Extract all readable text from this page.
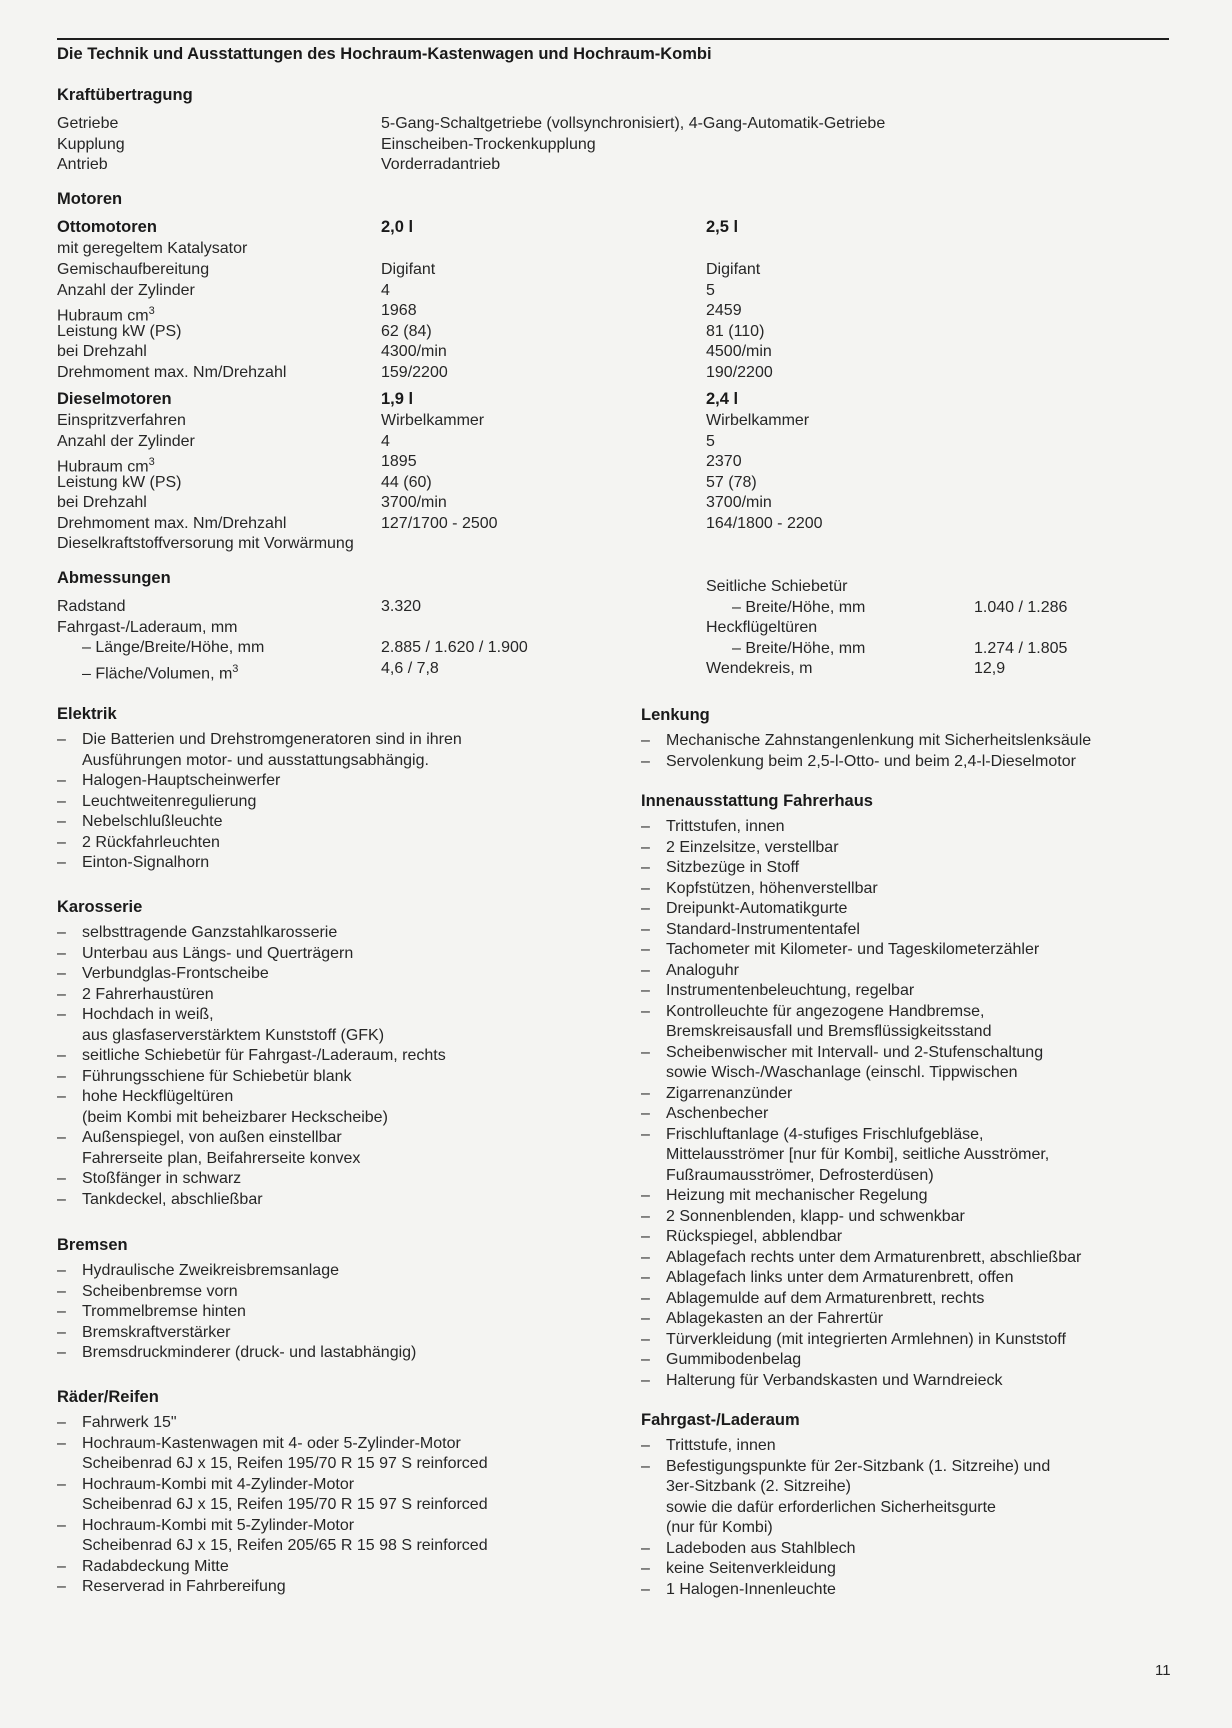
Die Technik und Ausstattungen des Hochraum-Kastenwagen und Hochraum-Kombi
Kraftübertragung
Getriebe	5-Gang-Schaltgetriebe (vollsynchronisiert), 4-Gang-Automatik-Getriebe
Kupplung	Einscheiben-Trockenkupplung
Antrieb	Vorderradantrieb
Motoren
Ottomotoren	2,0 l	2,5 l
mit geregeltem Katalysator
Gemischaufbereitung	Digifant	Digifant
Anzahl der Zylinder	4	5
Hubraum $cm^3$	1968	2459
Leistung kW (PS)	62 (84)	81 (110)
bei Drehzahl	4300/min	4500/min
Drehmoment max. Nm/Drehzahl	159/2200	190/2200
Dieselmotoren	1,9 l	2,4 l
Einspritzverfahren	Wirbelkammer	Wirbelkammer
Anzahl der Zylinder	4	5
Hubraum $cm^3$	1895	2370
Leistung kW (PS)	44 (60)	57 (78)
bei Drehzahl	3700/min	3700/min
Drehmoment max. Nm/Drehzahl	127/1700 - 2500	164/1800 - 2200
Dieselkraftstoffversorung mit Vorwärmung
Abmessungen
Radstand	3.320
Fahrgast-/Laderaum, mm
– Länge/Breite/Höhe, mm	2.885 / 1.620 / 1.900
– Fläche/Volumen, $m^3$	4,6 / 7,8
Seitliche Schiebetür
– Breite/Höhe, mm	1.040 / 1.286
Heckflügeltüren
– Breite/Höhe, mm	1.274 / 1.805
Wendekreis, m	12,9
Elektrik
– Die Batterien und Drehstromgeneratoren sind in ihren
Ausführungen motor- und ausstattungsabhängig.
– Halogen-Hauptscheinwerfer
– Leuchtweitenregulierung
– Nebelschlußleuchte
– 2 Rückfahrleuchten
– Einton-Signalhorn
Karosserie
– selbsttragende Ganzstahlkarosserie
– Unterbau aus Längs- und Querträgern
– Verbundglas-Frontscheibe
– 2 Fahrerhaustüren
– Hochdach in weiß,
aus glasfaserverstärktem Kunststoff (GFK)
– seitliche Schiebetür für Fahrgast-/Laderaum, rechts
– Führungsschiene für Schiebetür blank
– hohe Heckflügeltüren
(beim Kombi mit beheizbarer Heckscheibe)
– Außenspiegel, von außen einstellbar
Fahrerseite plan, Beifahrerseite konvex
– Stoßfänger in schwarz
– Tankdeckel, abschließbar
Bremsen
– Hydraulische Zweikreisbremsanlage
– Scheibenbremse vorn
– Trommelbremse hinten
– Bremskraftverstärker
– Bremsdruckminderer (druck- und lastabhängig)
Räder/Reifen
– Fahrwerk 15"
– Hochraum-Kastenwagen mit 4- oder 5-Zylinder-Motor
Scheibenrad 6J x 15, Reifen 195/70 R 15 97 S reinforced
– Hochraum-Kombi mit 4-Zylinder-Motor
Scheibenrad 6J x 15, Reifen 195/70 R 15 97 S reinforced
– Hochraum-Kombi mit 5-Zylinder-Motor
Scheibenrad 6J x 15, Reifen 205/65 R 15 98 S reinforced
– Radabdeckung Mitte
– Reserverad in Fahrbereifung
Lenkung
– Mechanische Zahnstangenlenkung mit Sicherheitslenksäule
– Servolenkung beim 2,5-l-Otto- und beim 2,4-l-Dieselmotor
Innenausstattung Fahrerhaus
– Trittstufen, innen
– 2 Einzelsitze, verstellbar
– Sitzbezüge in Stoff
– Kopfstützen, höhenverstellbar
– Dreipunkt-Automatikgurte
– Standard-Instrumententafel
– Tachometer mit Kilometer- und Tageskilometerzähler
– Analoguhr
– Instrumentenbeleuchtung, regelbar
– Kontrolleuchte für angezogene Handbremse,
Bremskreisausfall und Bremsflüssigkeitsstand
– Scheibenwischer mit Intervall- und 2-Stufenschaltung
sowie Wisch-/Waschanlage (einschl. Tippwischen
– Zigarrenanzünder
– Aschenbecher
– Frischluftanlage (4-stufiges Frischlufgebläse,
Mittelausströmer [nur für Kombi], seitliche Ausströmer,
Fußraumausströmer, Defrosterdüsen)
– Heizung mit mechanischer Regelung
– 2 Sonnenblenden, klapp- und schwenkbar
– Rückspiegel, abblendbar
– Ablagefach rechts unter dem Armaturenbrett, abschließbar
– Ablagefach links unter dem Armaturenbrett, offen
– Ablagemulde auf dem Armaturenbrett, rechts
– Ablagekasten an der Fahrertür
– Türverkleidung (mit integrierten Armlehnen) in Kunststoff
– Gummibodenbelag
– Halterung für Verbandskasten und Warndreieck
Fahrgast-/Laderaum
– Trittstufe, innen
– Befestigungspunkte für 2er-Sitzbank (1. Sitzreihe) und
3er-Sitzbank (2. Sitzreihe)
sowie die dafür erforderlichen Sicherheitsgurte
(nur für Kombi)
– Ladeboden aus Stahlblech
– keine Seitenverkleidung
– 1 Halogen-Innenleuchte
11
